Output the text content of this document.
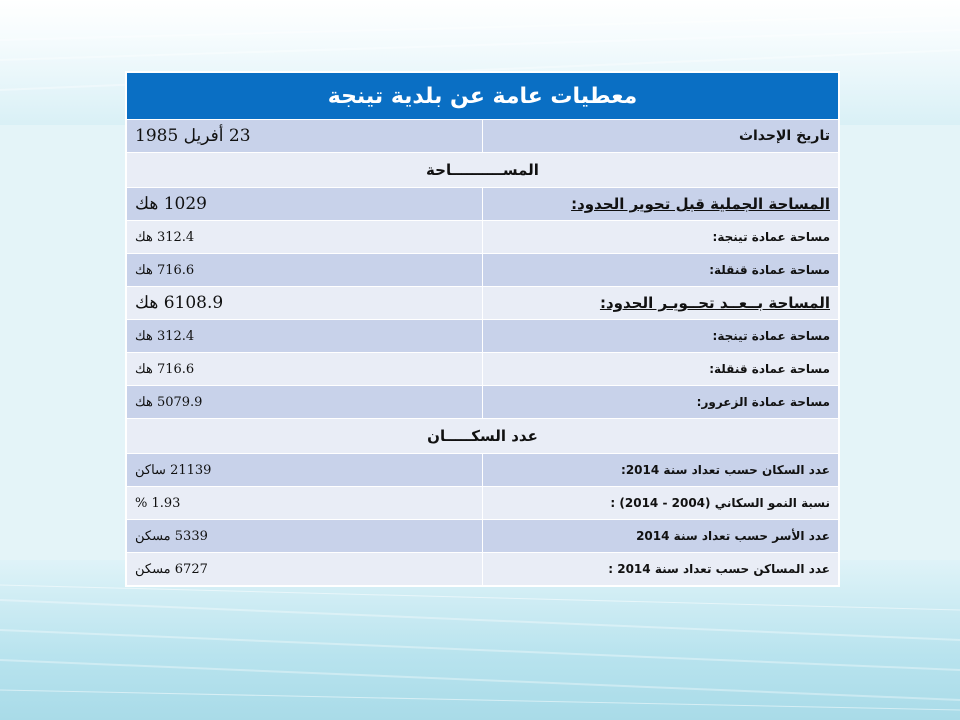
معطيات عامة عن بلدية تينجة	
تاريخ الإحداث	23 أفريل 1985
المســــــــــاحة	
المساحة الجملية قبل تحوير الحدود:	1029 هك
مساحة عمادة تينجة:	312.4 هك
مساحة عمادة قنقلة:	716.6 هك
المساحة بــعــد تحــويـر الحدود:	6108.9 هك
مساحة عمادة تينجة:	312.4 هك
مساحة عمادة قنقلة:	716.6 هك
مساحة عمادة الزعرور:	5079.9 هك
عدد السكـــــان	
عدد السكان حسب تعداد سنة 2014:	21139 ساكن
نسبة النمو السكاني (2004 - 2014) :	1.93 %
عدد الأسر حسب تعداد سنة 2014	5339 مسكن
عدد المساكن حسب تعداد سنة 2014 :	6727 مسكن
